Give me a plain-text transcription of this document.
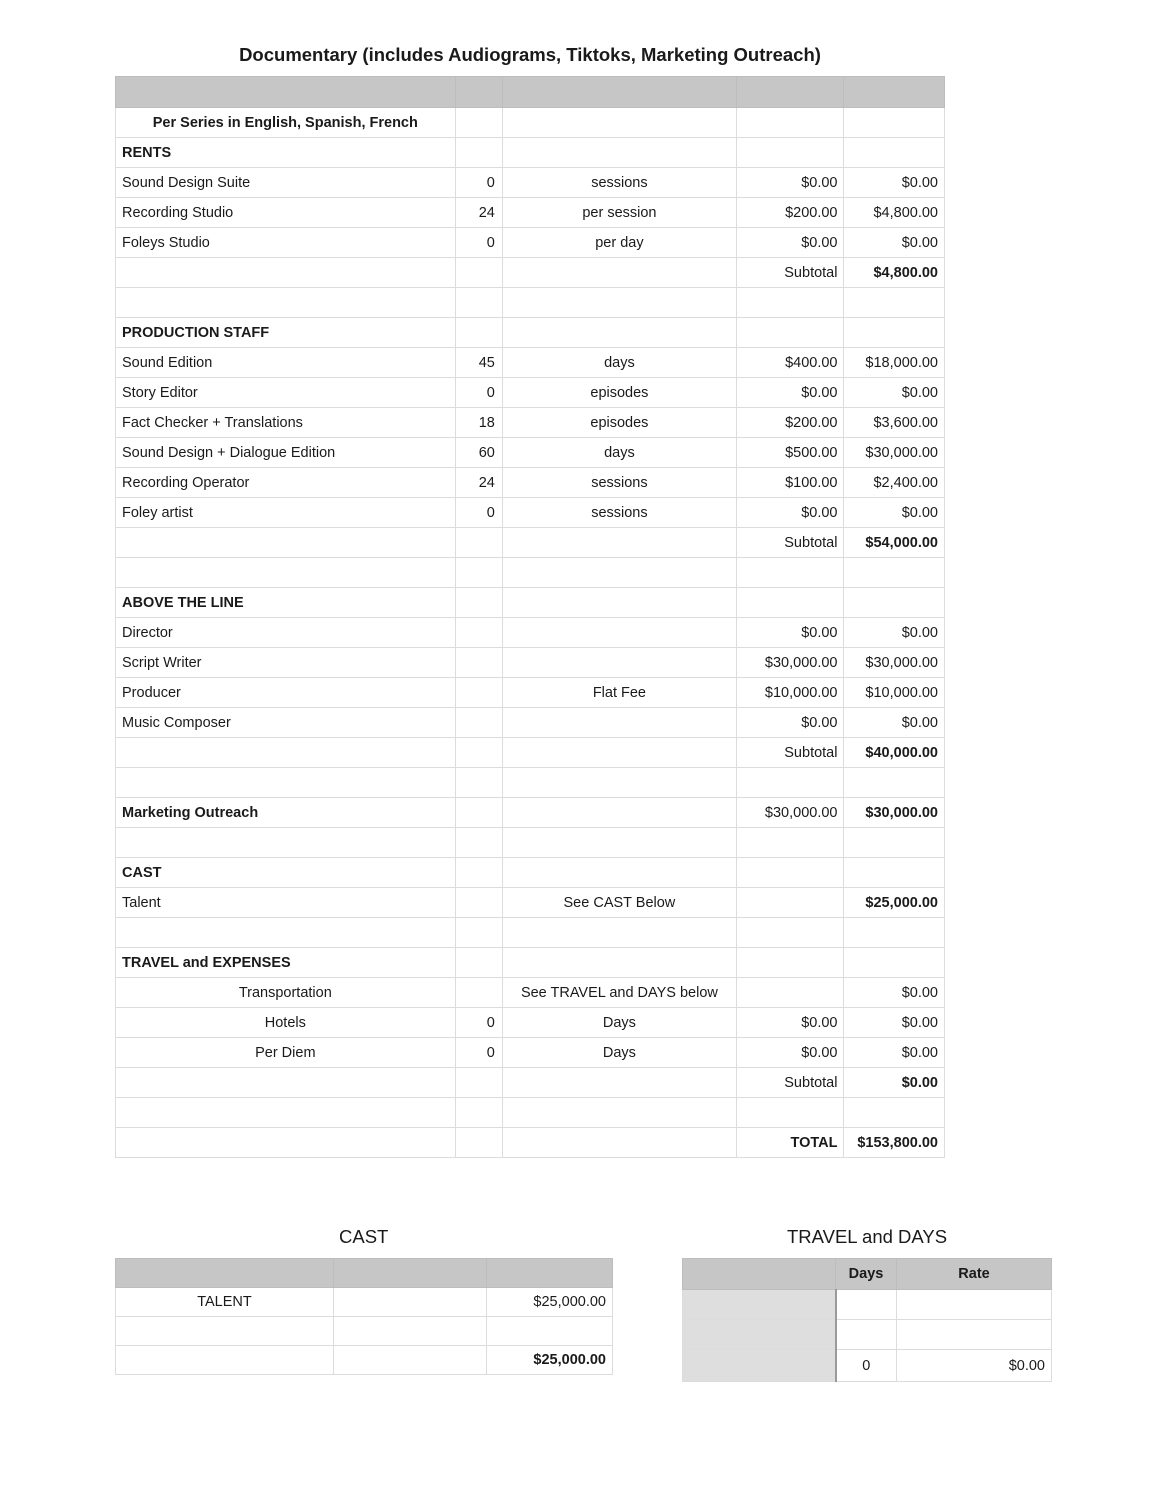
Documentary (includes Audiograms, Tiktoks, Marketing Outreach)

Per Series in English, Spanish, French				
RENTS				
Sound Design Suite	0	sessions	$0.00	$0.00
Recording Studio	24	per session	$200.00	$4,800.00
Foleys Studio	0	per day	$0.00	$0.00
			Subtotal	$4,800.00

PRODUCTION STAFF				
Sound Edition	45	days	$400.00	$18,000.00
Story Editor	0	episodes	$0.00	$0.00
Fact Checker + Translations	18	episodes	$200.00	$3,600.00
Sound Design + Dialogue Edition	60	days	$500.00	$30,000.00
Recording Operator	24	sessions	$100.00	$2,400.00
Foley artist	0	sessions	$0.00	$0.00
			Subtotal	$54,000.00

ABOVE THE LINE				
Director			$0.00	$0.00
Script Writer			$30,000.00	$30,000.00
Producer		Flat Fee	$10,000.00	$10,000.00
Music Composer			$0.00	$0.00
			Subtotal	$40,000.00

Marketing Outreach			$30,000.00	$30,000.00

CAST				
Talent		See CAST Below		$25,000.00

TRAVEL and EXPENSES				
Transportation		See TRAVEL and DAYS below		$0.00
Hotels	0	Days	$0.00	$0.00
Per Diem	0	Days	$0.00	$0.00
			Subtotal	$0.00

			TOTAL	$153,800.00
CAST

TALENT		$25,000.00

		$25,000.00
TRAVEL and DAYS
	Days	Rate

	0	$0.00
